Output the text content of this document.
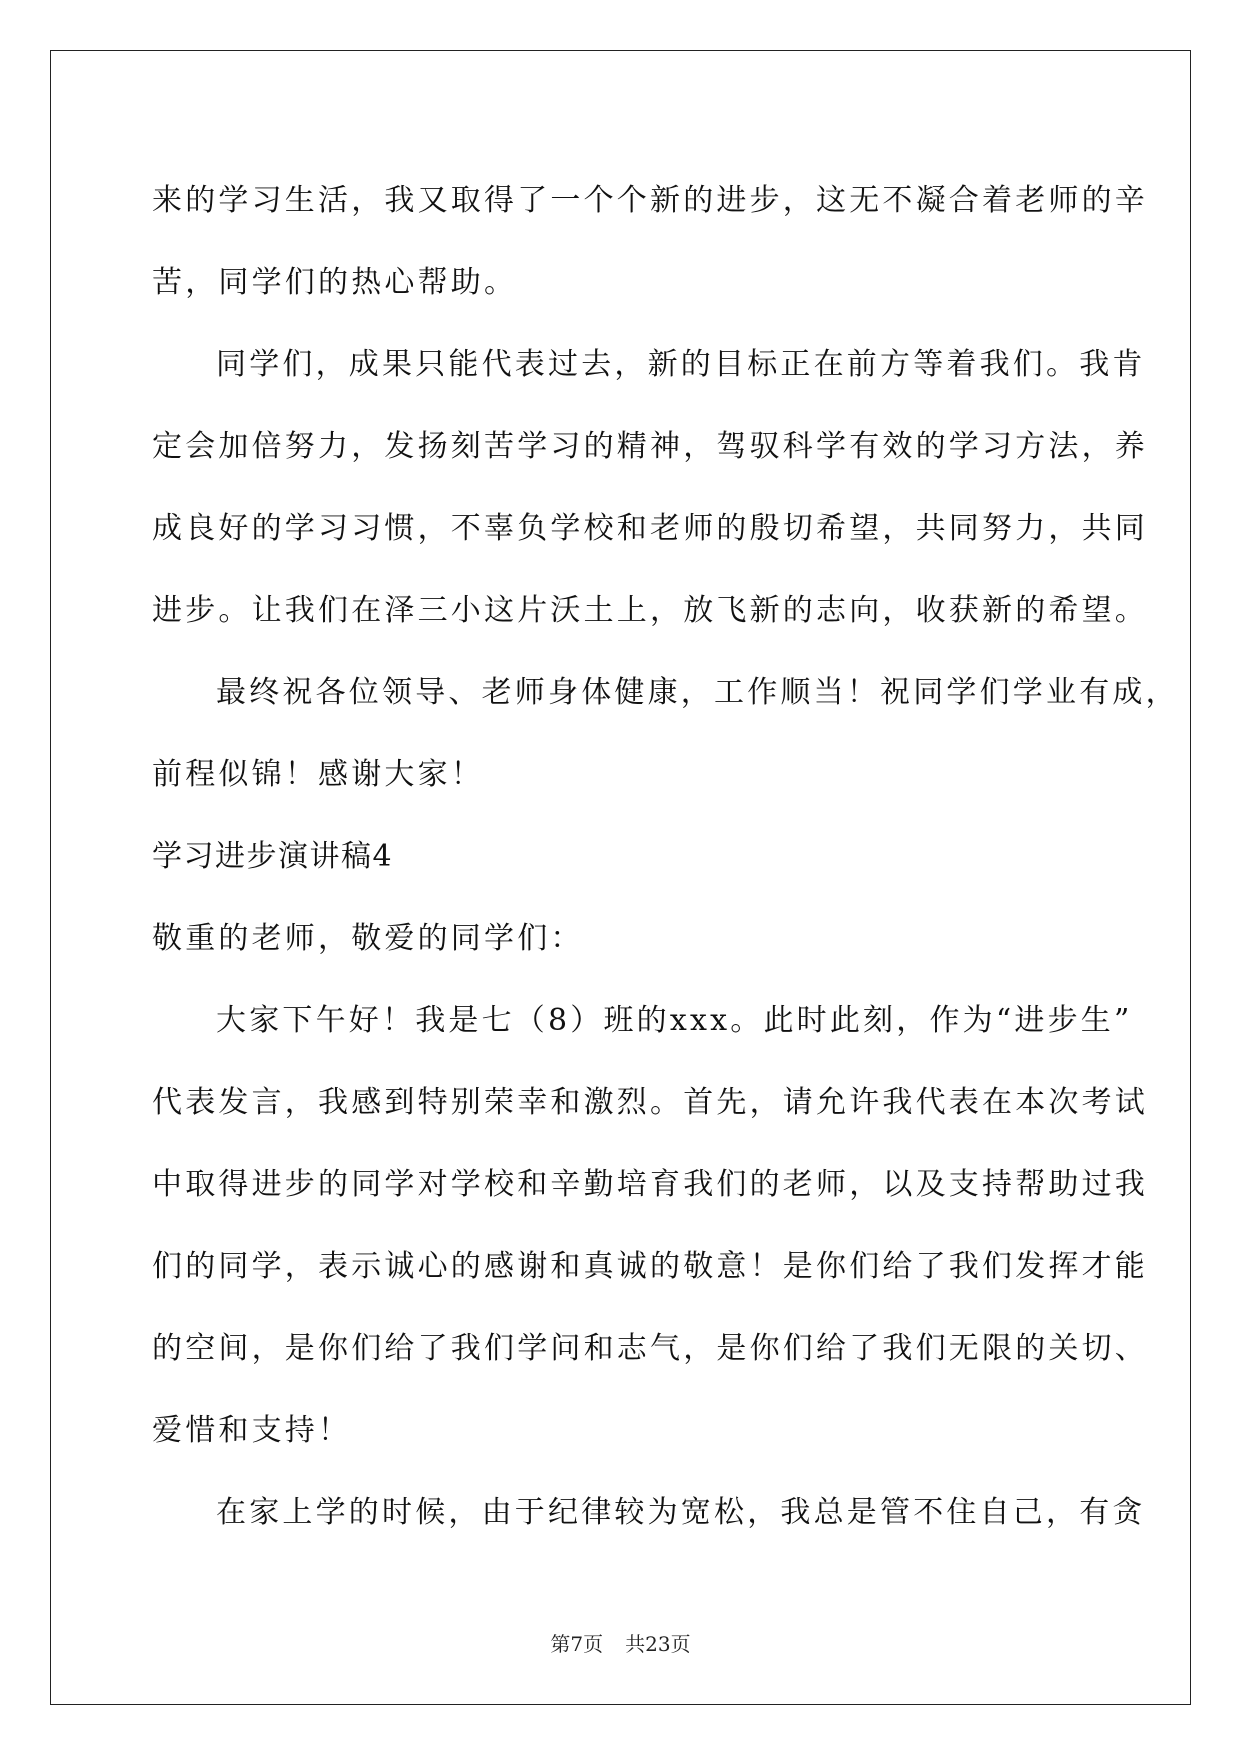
来的学习生活，我又取得了一个个新的进步，这无不凝合着老师的辛

苦，同学们的热心帮助。

同学们，成果只能代表过去，新的目标正在前方等着我们。我肯

定会加倍努力，发扬刻苦学习的精神，驾驭科学有效的学习方法，养

成良好的学习习惯，不辜负学校和老师的殷切希望，共同努力，共同

进步。让我们在泽三小这片沃土上，放飞新的志向，收获新的希望。

最终祝各位领导、老师身体健康，工作顺当！祝同学们学业有成，

前程似锦！感谢大家！

学习进步演讲稿4

敬重的老师，敬爱的同学们：

大家下午好！我是七（8）班的xxx。此时此刻，作为“进步生”

代表发言，我感到特别荣幸和激烈。首先，请允许我代表在本次考试

中取得进步的同学对学校和辛勤培育我们的老师，以及支持帮助过我

们的同学，表示诚心的感谢和真诚的敬意！是你们给了我们发挥才能

的空间，是你们给了我们学问和志气，是你们给了我们无限的关切、

爱惜和支持！

在家上学的时候，由于纪律较为宽松，我总是管不住自己，有贪

第7页 共23页
